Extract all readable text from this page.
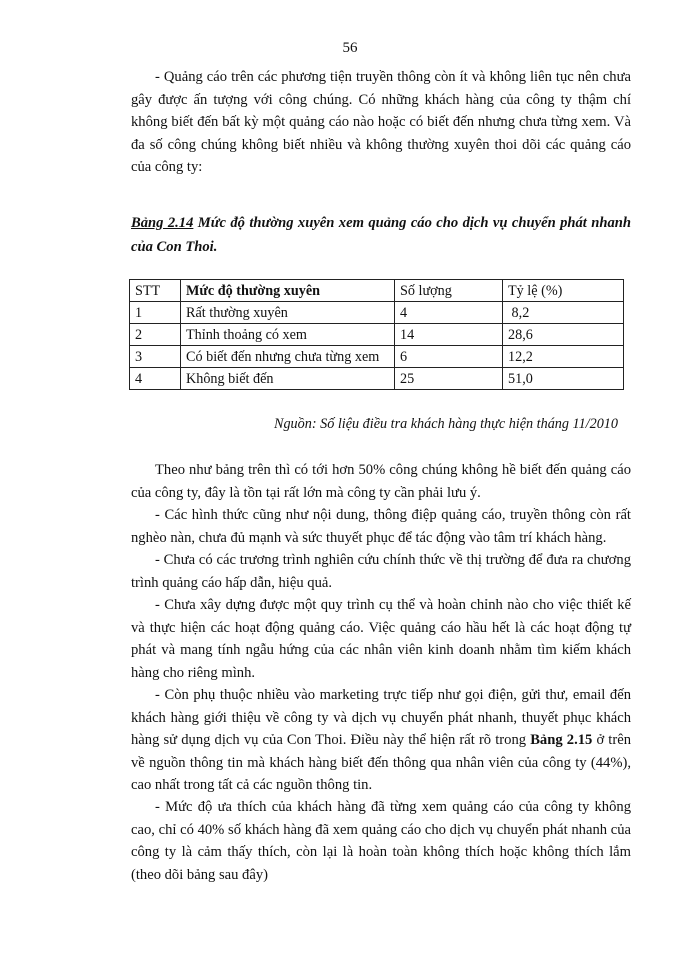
56

- Quảng cáo trên các phương tiện truyền thông còn ít và không liên tục nên chưa gây được ấn tượng với công chúng. Có những khách hàng của công ty thậm chí không biết đến bất kỳ một quảng cáo nào hoặc có biết đến nhưng chưa từng xem. Và đa số công chúng không biết nhiều và không thường xuyên thoi dõi các quảng cáo của công ty:

Bảng 2.14 Mức độ thường xuyên xem quảng cáo cho dịch vụ chuyển phát nhanh của Con Thoi.

STT	Mức độ thường xuyên	Số lượng	Tỷ lệ (%)
1	Rất thường xuyên	4	8,2
2	Thỉnh thoảng có xem	14	28,6
3	Có biết đến nhưng chưa từng xem	6	12,2
4	Không biết đến	25	51,0
Nguồn: Số liệu điều tra khách hàng thực hiện tháng 11/2010

Theo như bảng trên thì có tới hơn 50% công chúng không hề biết đến quảng cáo của công ty, đây là tồn tại rất lớn mà công ty cần phải lưu ý.

- Các hình thức cũng như nội dung, thông điệp quảng cáo, truyền thông còn rất nghèo nàn, chưa đủ mạnh và sức thuyết phục để tác động vào tâm trí khách hàng.

- Chưa có các trương trình nghiên cứu chính thức về thị trường để đưa ra chương trình quảng cáo hấp dẫn, hiệu quả.

- Chưa xây dựng được một quy trình cụ thể và hoàn chỉnh nào cho việc thiết kế và thực hiện các hoạt động quảng cáo. Việc quảng cáo hầu hết là các hoạt động tự phát và mang tính ngẫu hứng của các nhân viên kinh doanh nhằm tìm kiếm khách hàng cho riêng mình.

- Còn phụ thuộc nhiều vào marketing trực tiếp như gọi điện, gửi thư, email đến khách hàng giới thiệu về công ty và dịch vụ chuyển phát nhanh, thuyết phục khách hàng sử dụng dịch vụ của Con Thoi. Điều này thể hiện rất rõ trong Bảng 2.15 ở trên về nguồn thông tin mà khách hàng biết đến thông qua nhân viên của công ty (44%), cao nhất trong tất cả các nguồn thông tin.

- Mức độ ưa thích của khách hàng đã từng xem quảng cáo của công ty không cao, chỉ có 40% số khách hàng đã xem quảng cáo cho dịch vụ chuyển phát nhanh của công ty là cảm thấy thích, còn lại là hoàn toàn không thích hoặc không thích lắm (theo dõi bảng sau đây)
